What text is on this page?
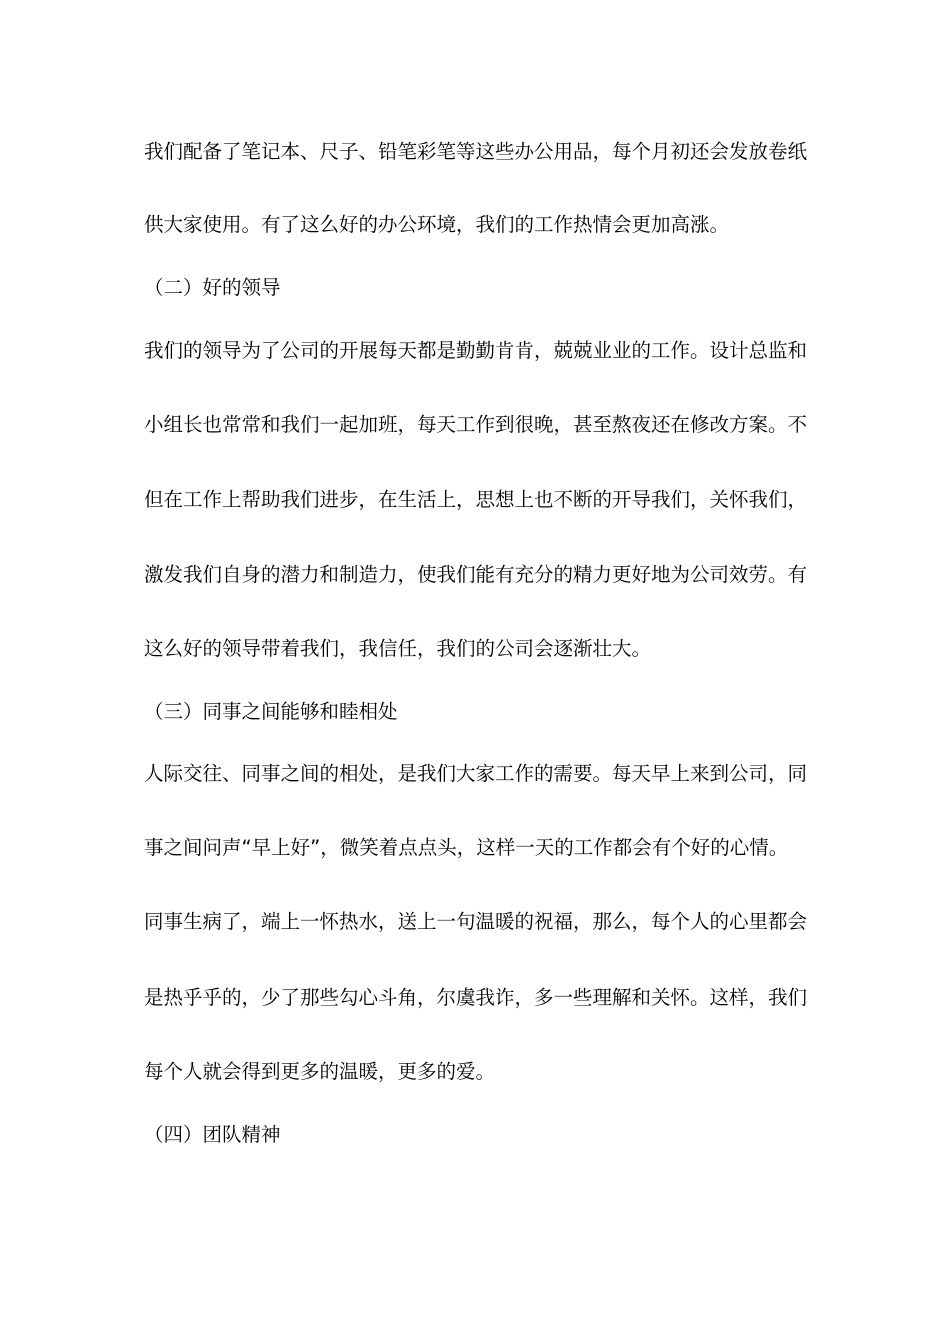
我们配备了笔记本、尺子、铅笔彩笔等这些办公用品，每个月初还会发放卷纸
供大家使用。有了这么好的办公环境，我们的工作热情会更加高涨。
（二）好的领导
我们的领导为了公司的开展每天都是勤勤肯肯，兢兢业业的工作。设计总监和
小组长也常常和我们一起加班，每天工作到很晚，甚至熬夜还在修改方案。不
但在工作上帮助我们进步，在生活上，思想上也不断的开导我们，关怀我们，
激发我们自身的潜力和制造力，使我们能有充分的精力更好地为公司效劳。有
这么好的领导带着我们，我信任，我们的公司会逐渐壮大。
（三）同事之间能够和睦相处
人际交往、同事之间的相处，是我们大家工作的需要。每天早上来到公司，同
事之间问声“早上好”，微笑着点点头，这样一天的工作都会有个好的心情。
同事生病了，端上一怀热水，送上一句温暖的祝福，那么，每个人的心里都会
是热乎乎的，少了那些勾心斗角，尔虞我诈，多一些理解和关怀。这样，我们
每个人就会得到更多的温暖，更多的爱。
（四）团队精神
